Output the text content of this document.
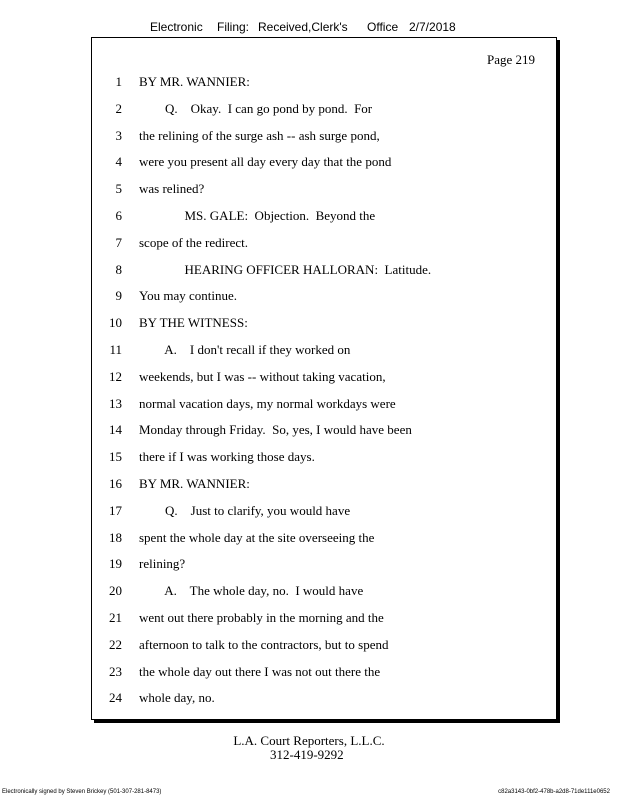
Electronic

Filing:

Received,Clerk's

Office

2/7/2018

Page 219
1 BY MR. WANNIER:
2 Q.    Okay.  I can go pond by pond.  For
3 the relining of the surge ash -- ash surge pond,
4 were you present all day every day that the pond
5 was relined?
6 MS. GALE:  Objection.  Beyond the
7 scope of the redirect.
8 HEARING OFFICER HALLORAN:  Latitude.
9 You may continue.
10 BY THE WITNESS:
11 A.    I don't recall if they worked on
12 weekends, but I was -- without taking vacation,
13 normal vacation days, my normal workdays were
14 Monday through Friday.  So, yes, I would have been
15 there if I was working those days.
16 BY MR. WANNIER:
17 Q.    Just to clarify, you would have
18 spent the whole day at the site overseeing the
19 relining?
20 A.    The whole day, no.  I would have
21 went out there probably in the morning and the
22 afternoon to talk to the contractors, but to spend
23 the whole day out there I was not out there the
24 whole day, no.
L.A. Court Reporters, L.L.C.
312-419-9292
Electronically signed by Steven Brickey (501-307-281-8473)	c82a3143-0bf2-478b-a2d8-71de111e0652
